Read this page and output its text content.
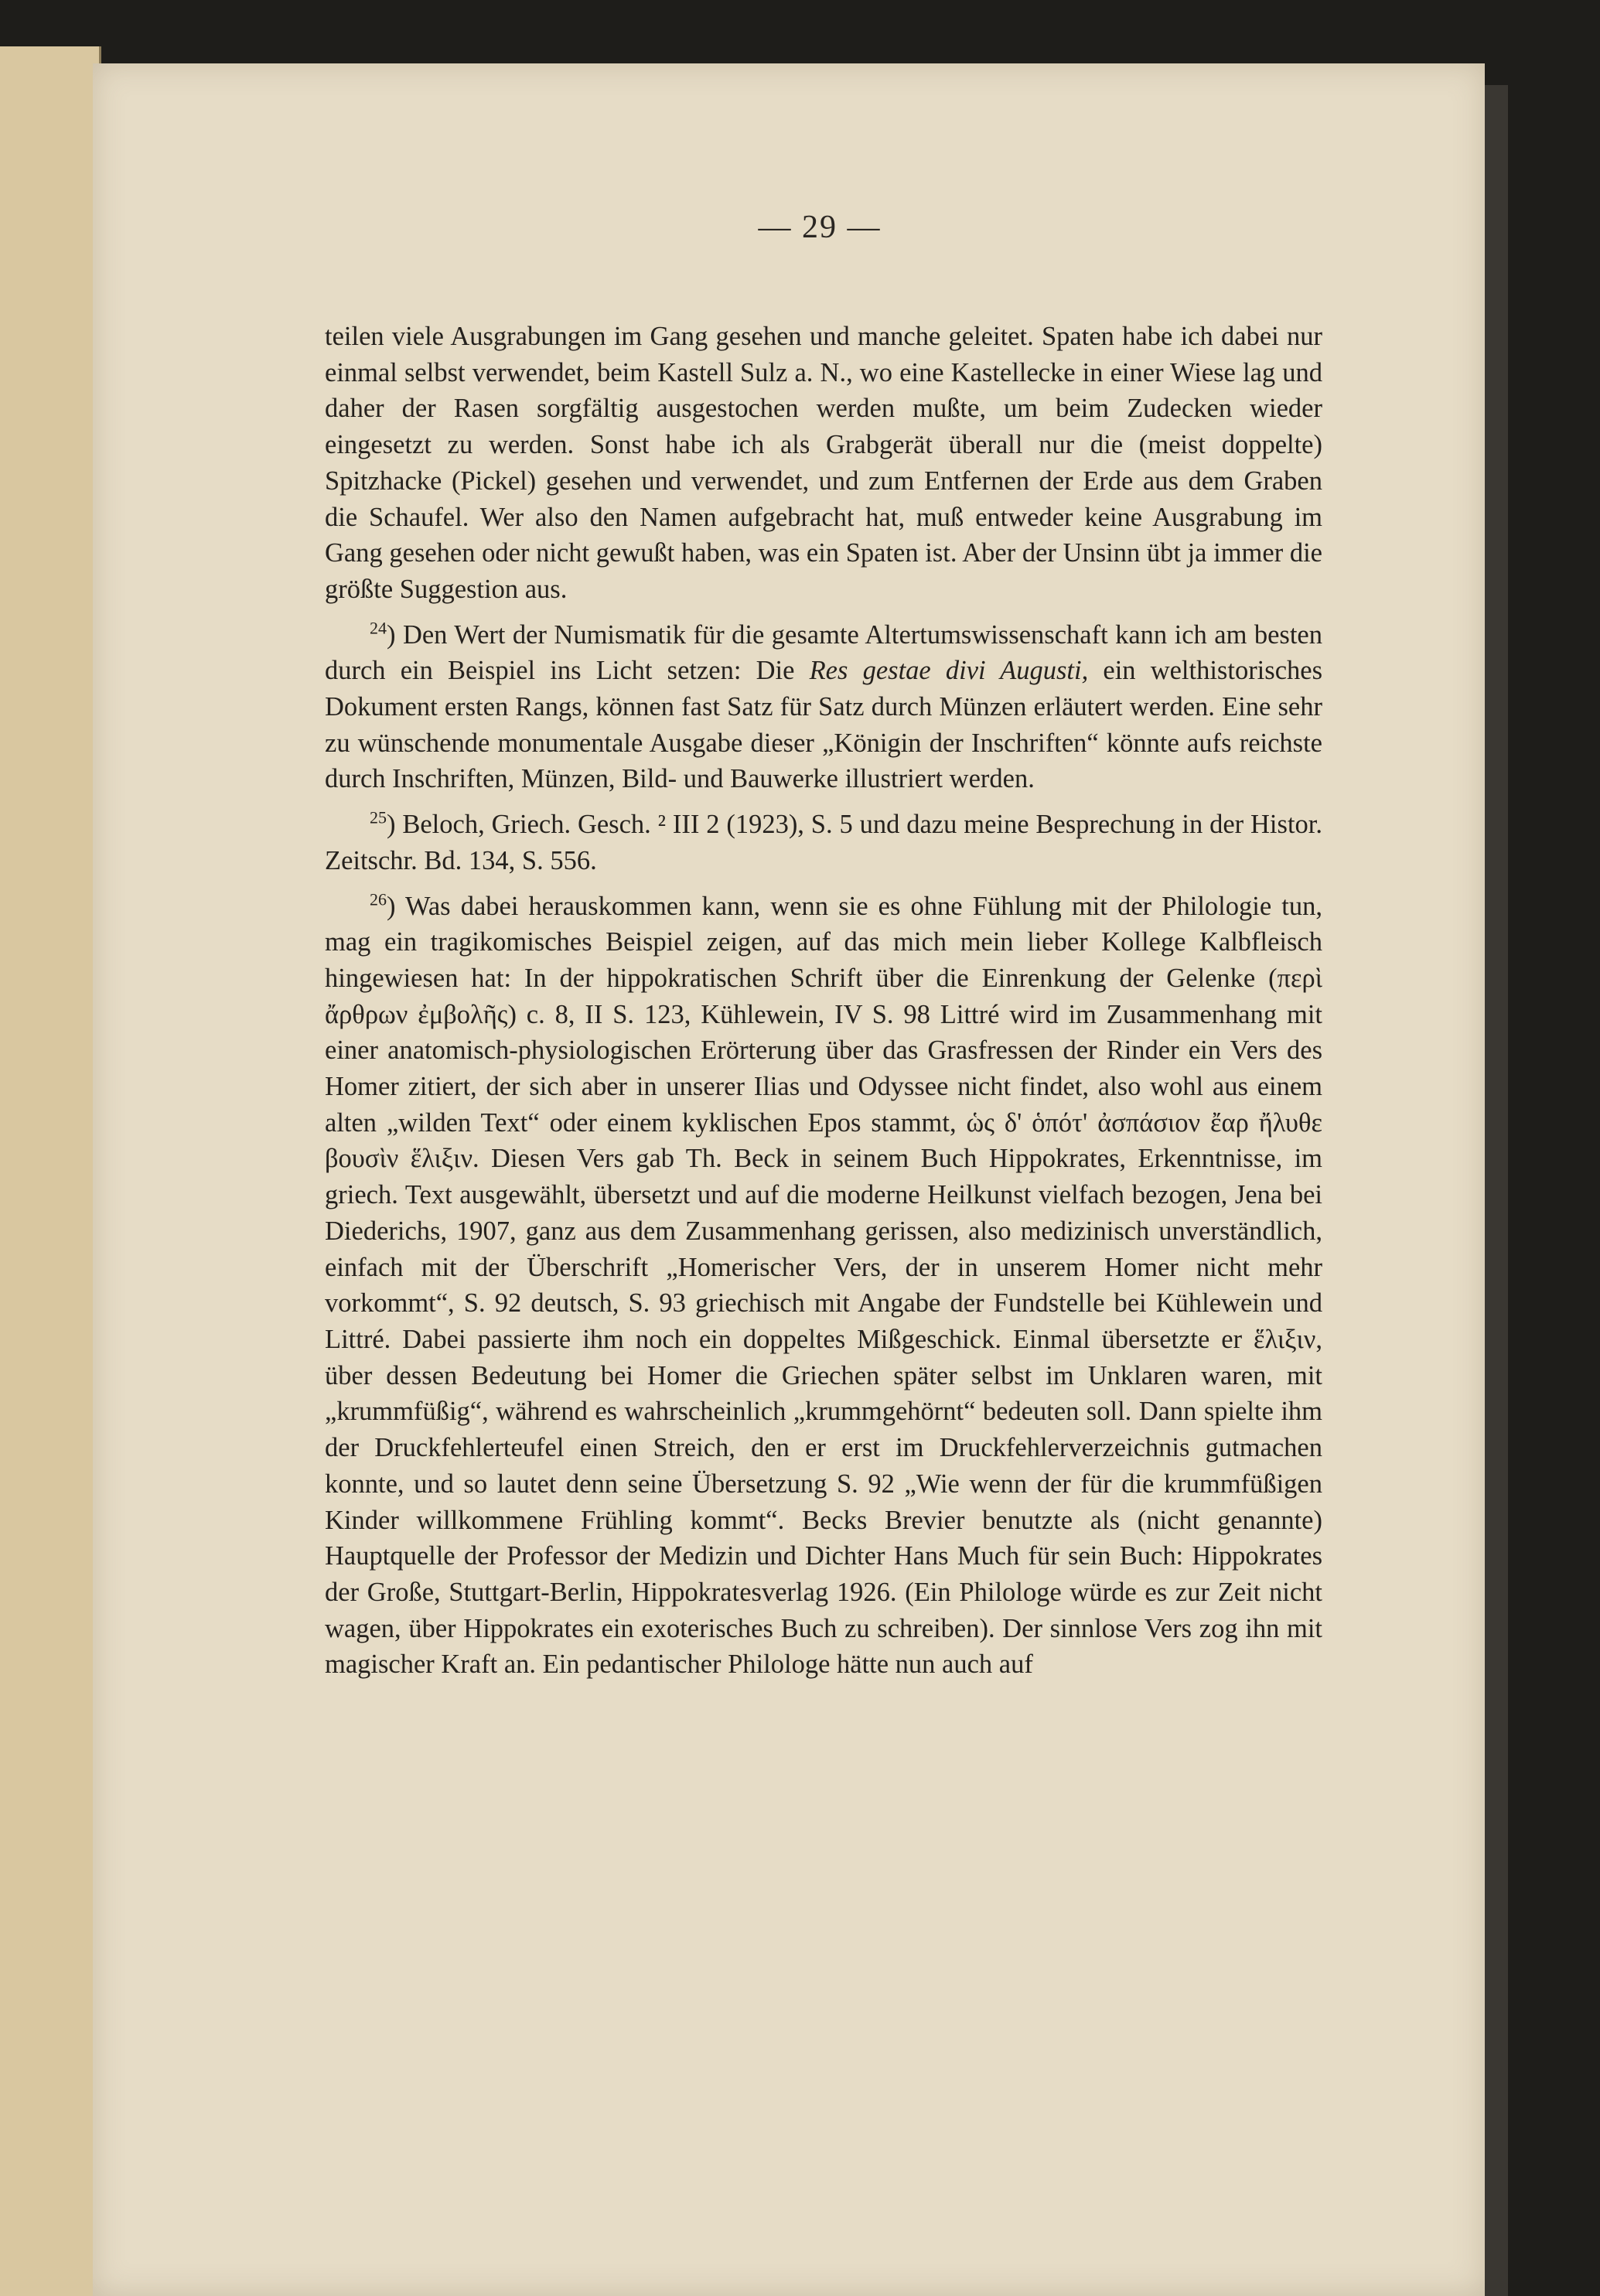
— 29 —

teilen viele Ausgrabungen im Gang gesehen und manche geleitet. Spaten habe ich dabei nur einmal selbst verwendet, beim Kastell Sulz a. N., wo eine Kastellecke in einer Wiese lag und daher der Rasen sorgfältig ausgestochen werden mußte, um beim Zudecken wieder eingesetzt zu werden. Sonst habe ich als Grabgerät überall nur die (meist doppelte) Spitzhacke (Pickel) gesehen und verwendet, und zum Entfernen der Erde aus dem Graben die Schaufel. Wer also den Namen aufgebracht hat, muß entweder keine Ausgrabung im Gang gesehen oder nicht gewußt haben, was ein Spaten ist. Aber der Unsinn übt ja immer die größte Suggestion aus.

$^{24}$) Den Wert der Numismatik für die gesamte Altertumswissenschaft kann ich am besten durch ein Beispiel ins Licht setzen: Die Res gestae divi Augusti, ein welthistorisches Dokument ersten Rangs, können fast Satz für Satz durch Münzen erläutert werden. Eine sehr zu wünschende monumentale Ausgabe dieser „Königin der Inschriften“ könnte aufs reichste durch Inschriften, Münzen, Bild- und Bauwerke illustriert werden.

$^{25}$) Beloch, Griech. Gesch. ² III 2 (1923), S. 5 und dazu meine Besprechung in der Histor. Zeitschr. Bd. 134, S. 556.

$^{26}$) Was dabei herauskommen kann, wenn sie es ohne Fühlung mit der Philologie tun, mag ein tragikomisches Beispiel zeigen, auf das mich mein lieber Kollege Kalbfleisch hingewiesen hat: In der hippokratischen Schrift über die Einrenkung der Gelenke (περὶ ἄρθρων ἐμβολῆς) c. 8, II S. 123, Kühlewein, IV S. 98 Littré wird im Zusammenhang mit einer anatomisch-physiologischen Erörterung über das Grasfressen der Rinder ein Vers des Homer zitiert, der sich aber in unserer Ilias und Odyssee nicht findet, also wohl aus einem alten „wilden Text“ oder einem kyklischen Epos stammt, ὡς δ' ὁπότ' ἀσπάσιον ἔαρ ἤλυθε βουσὶν ἕλιξιν. Diesen Vers gab Th. Beck in seinem Buch Hippokrates, Erkenntnisse, im griech. Text ausgewählt, übersetzt und auf die moderne Heilkunst vielfach bezogen, Jena bei Diederichs, 1907, ganz aus dem Zusammenhang gerissen, also medizinisch unverständlich, einfach mit der Überschrift „Homerischer Vers, der in unserem Homer nicht mehr vorkommt“, S. 92 deutsch, S. 93 griechisch mit Angabe der Fundstelle bei Kühlewein und Littré. Dabei passierte ihm noch ein doppeltes Mißgeschick. Einmal übersetzte er ἕλιξιν, über dessen Bedeutung bei Homer die Griechen später selbst im Unklaren waren, mit „krummfüßig“, während es wahrscheinlich „krummgehörnt“ bedeuten soll. Dann spielte ihm der Druckfehlerteufel einen Streich, den er erst im Druckfehlerverzeichnis gutmachen konnte, und so lautet denn seine Übersetzung S. 92 „Wie wenn der für die krummfüßigen Kinder willkommene Frühling kommt“. Becks Brevier benutzte als (nicht genannte) Hauptquelle der Professor der Medizin und Dichter Hans Much für sein Buch: Hippokrates der Große, Stuttgart-Berlin, Hippokratesverlag 1926. (Ein Philologe würde es zur Zeit nicht wagen, über Hippokrates ein exoterisches Buch zu schreiben). Der sinnlose Vers zog ihn mit magischer Kraft an. Ein pedantischer Philologe hätte nun auch auf
